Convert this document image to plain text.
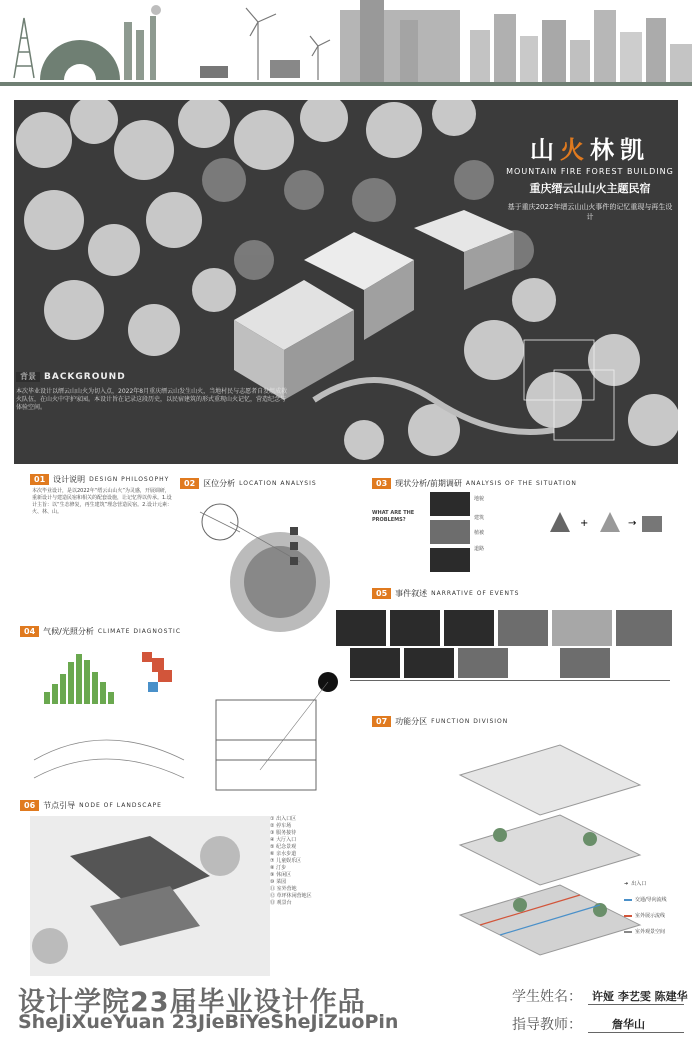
山火林凯
MOUNTAIN FIRE FOREST BUILDING
重庆缙云山山火主题民宿
基于重庆2022年缙云山山火事件的记忆重现与再生设计
背景 BACKGROUND
本次毕业设计以缙云山山火为切入点，2022年8月重庆缙云山发生山火，当地村民与志愿者自发组成救火队伍，在山火中守护家园。本设计旨在记录这段历史，以民宿建筑的形式重现山火记忆，营造纪念与体验空间。
01	设计说明 DESIGN PHILOSOPHY
本次毕业设计，是以2022年“缙云山山火”为灵感，开展调研，重新设计与建造民宿和相关的配套设施，让记忆得以传承。1.设计主旨：以“生态修复，再生建筑”理念营造民宿。2.设计元素：火、林、山。
02	区位分析 LOCATION ANALYSIS	03	现状分析/前期调研 ANALYSIS OF THE SITUATION
WHAT ARE THE PROBLEMS?
地貌
建筑
植被
道路
+	→
04	气候/光照分析 CLIMATE DIAGNOSTIC
05	事件叙述 NARRATIVE OF EVENTS
07	功能分区 FUNCTION DIVISION
➜ 出入口
交通/导向流线
室外展示流线
室外观景空间
06	节点引导 NODE OF LANDSCAPE
① 出入口区
② 停车场
③ 服务接待
④ 大厅入口
⑤ 纪念景观
⑥ 亲水步道
⑦ 儿童娱乐区
⑧ 汀步
⑨ 休闲区
⑩ 菜园
⑪ 室外营地
⑫ 草坪休闲营地区
⑬ 观景台
设计学院23届毕业设计作品
SheJiXueYuan 23JieBiYeSheJiZuoPin
学生姓名： 许娅 李艺雯 陈建华
指导教师：	詹华山
